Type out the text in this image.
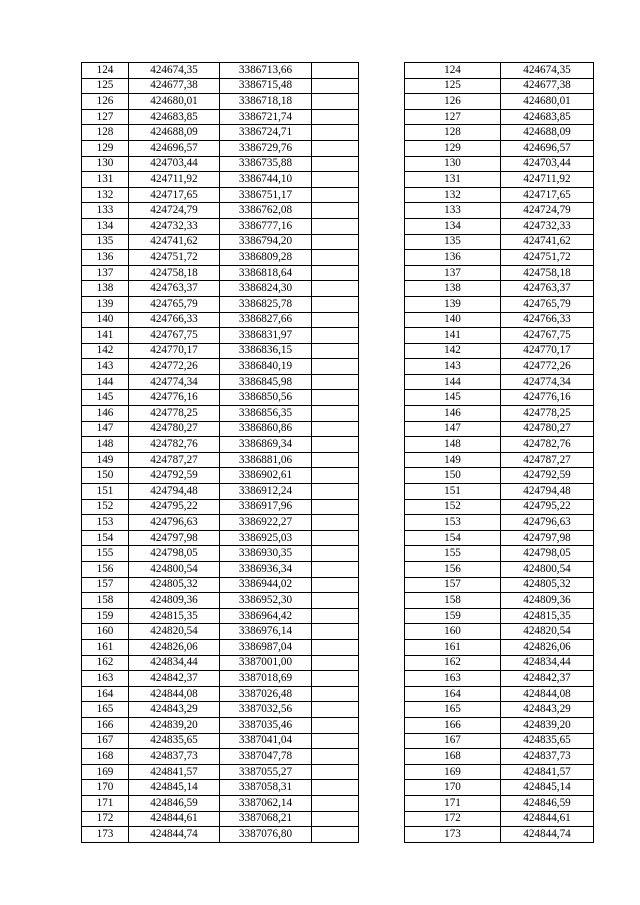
124	424674,35	3386713,66			124	424674,35	
125	424677,38	3386715,48			125	424677,38	
126	424680,01	3386718,18			126	424680,01	
127	424683,85	3386721,74			127	424683,85	
128	424688,09	3386724,71			128	424688,09	
129	424696,57	3386729,76			129	424696,57	
130	424703,44	3386735,88			130	424703,44	
131	424711,92	3386744,10			131	424711,92	
132	424717,65	3386751,17			132	424717,65	
133	424724,79	3386762,08			133	424724,79	
134	424732,33	3386777,16			134	424732,33	
135	424741,62	3386794,20			135	424741,62	
136	424751,72	3386809,28			136	424751,72	
137	424758,18	3386818,64			137	424758,18	
138	424763,37	3386824,30			138	424763,37	
139	424765,79	3386825,78			139	424765,79	
140	424766,33	3386827,66			140	424766,33	
141	424767,75	3386831,97			141	424767,75	
142	424770,17	3386836,15			142	424770,17	
143	424772,26	3386840,19			143	424772,26	
144	424774,34	3386845,98			144	424774,34	
145	424776,16	3386850,56			145	424776,16	
146	424778,25	3386856,35			146	424778,25	
147	424780,27	3386860,86			147	424780,27	
148	424782,76	3386869,34			148	424782,76	
149	424787,27	3386881,06			149	424787,27	
150	424792,59	3386902,61			150	424792,59	
151	424794,48	3386912,24			151	424794,48	
152	424795,22	3386917,96			152	424795,22	
153	424796,63	3386922,27			153	424796,63	
154	424797,98	3386925,03			154	424797,98	
155	424798,05	3386930,35			155	424798,05	
156	424800,54	3386936,34			156	424800,54	
157	424805,32	3386944,02			157	424805,32	
158	424809,36	3386952,30			158	424809,36	
159	424815,35	3386964,42			159	424815,35	
160	424820,54	3386976,14			160	424820,54	
161	424826,06	3386987,04			161	424826,06	
162	424834,44	3387001,00			162	424834,44	
163	424842,37	3387018,69			163	424842,37	
164	424844,08	3387026,48			164	424844,08	
165	424843,29	3387032,56			165	424843,29	
166	424839,20	3387035,46			166	424839,20	
167	424835,65	3387041,04			167	424835,65	
168	424837,73	3387047,78			168	424837,73	
169	424841,57	3387055,27			169	424841,57	
170	424845,14	3387058,31			170	424845,14	
171	424846,59	3387062,14			171	424846,59	
172	424844,61	3387068,21			172	424844,61	
173	424844,74	3387076,80			173	424844,74	
